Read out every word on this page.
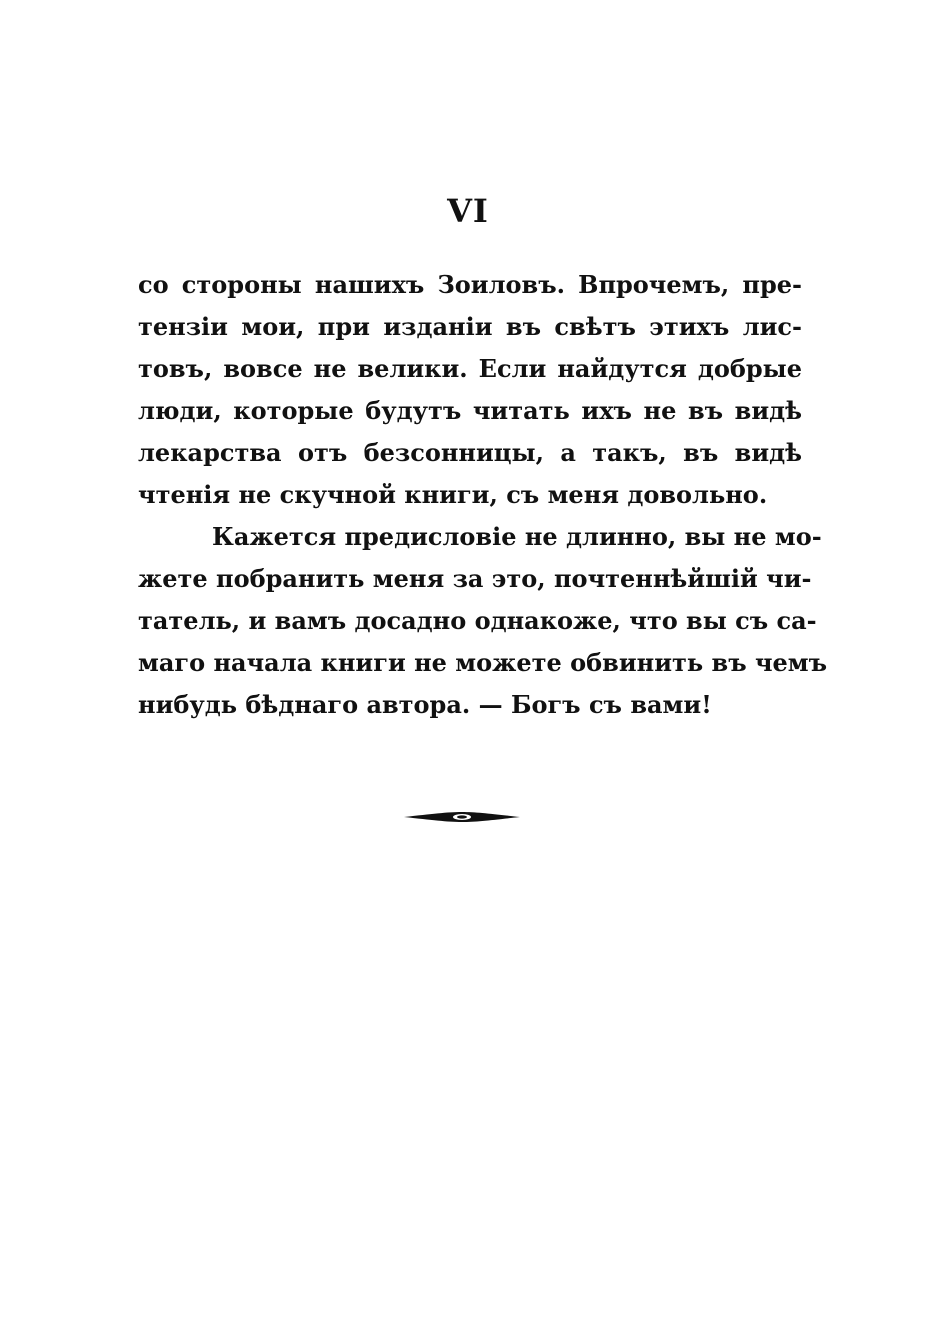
VI
со стороны нашихъ Зоиловъ. Впрочемъ, пре-
тензіи мои, при изданіи въ свѣтъ этихъ лис-
товъ, вовсе не велики. Если найдутся добрые
люди, которые будутъ читать ихъ не въ видѣ
лекарства отъ безсонницы, а такъ, въ видѣ
чтенія не скучной книги, съ меня довольно.
Кажется предисловіе не длинно, вы не мо-
жете побранить меня за это, почтеннѣйшій чи-
татель, и вамъ досадно однакоже, что вы съ са-
маго начала книги не можете обвинить въ чемъ
нибудь бѣднаго автора. — Богъ съ вами!
